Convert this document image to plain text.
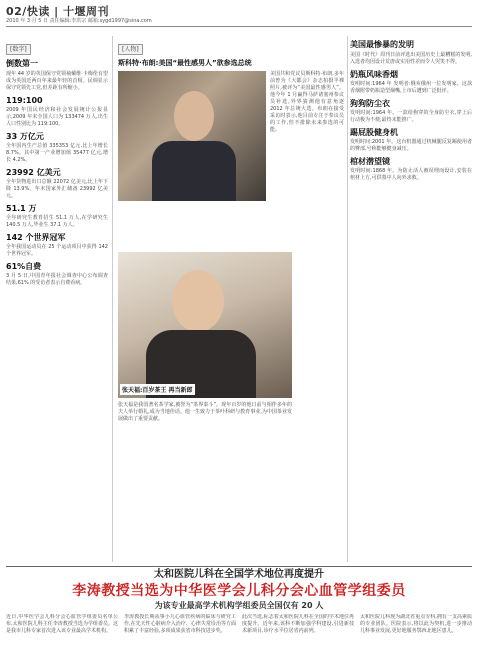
02/快读 | 十堰周刊
2010 年 3 月 5 日 责任编辑:李洪宗 邮箱:sygd1997@sina.com
[数字]
倒数第一

现年 44 岁的英国保守党领袖戴维·卡梅伦有望成为英国近两百年来最年轻的首相。民调显示保守党领先工党,但差距有所缩小。

119:100

2009 年国民经济和社会发展统计公报显示,2009 年末全国人口为 133474 万人,出生人口性别比为 119:100。

33 万亿元

全年国内生产总值 335353 亿元,比上年增长 8.7%。其中第一产业增加值 35477 亿元,增长 4.2%。

23992 亿美元

全年货物进出口总额 22072 亿美元,比上年下降 13.9%。年末国家外汇储备 23992 亿美元。

51.1 万

全年研究生教育招生 51.1 万人,在学研究生 140.5 万人,毕业生 37.1 万人。

142 个世界冠军

全年我国运动员在 25 个运动项目中获得 142 个世界冠军。

61%自费

3 月 5 日,中国青年报社会调查中心公布调查结果,61% 的受访者表示自费看病。

[人物]
斯科特·布朗:美国“最性感男人”欲参选总统

美国共和党议员斯科特·布朗,多年前曾为《大都会》杂志拍摄半裸照片,被评为“美国最性感男人”。他今年 1 月赢得马萨诸塞州参议员补选,外界猜测他有意角逐 2012 年总统大选。布朗在接受采访时表示,他目前专注于参议员的工作,但不排除未来参选的可能。

张天福:百岁茶王 再当新郎

张天福是我国著名茶学家,被誉为“茶界泰斗”。现年百岁的他日前与相伴多年的夫人举行婚礼,成为当地佳话。他一生致力于茶叶科研与教育事业,为中国茶业发展做出了重要贡献。

美国最惨暴的发明

美国《时代》周刊日前评选出美国历史上最糟糕的发明,入选者均因设计荒唐或实用性差而令人哭笑不得。

奶瓶风味香烟

发明时间:1964 年 发明者:俄亥俄州一位发明家。这款香烟附带奶瓶造型烟嘴,上市后遭到广泛批评。

狗狗防尘衣

发明时间:1964 年。一款给狗穿的全身防尘衣,穿上后行动极为不便,最终未能推广。

踢屁股健身机

发明时间:2001 年。这台机器通过机械腿反复踢使用者的臀部,号称能够健身减压。

棺材潜望镜

发明时间:1868 年。为防止活人被误埋而设计,安装在棺材上方,可供墓中人向外求救。

太和医院儿科在全国学术地位再度提升
李涛教授当选为中华医学会儿科分会心血管学组委员
为该专业最高学术机构学组委员全国仅有 20 人

近日,中华医学会儿科分会心血管学组委员名单公布,太和医院儿科主任李涛教授当选为学组委员。这是我市儿科专家首次进入该专业最高学术机构。

李涛教授长期从事小儿心血管疾病的临床与研究工作,在先天性心脏病介入治疗、心律失常诊治等方面积累了丰富经验,多项成果获省市科技进步奖。

此次当选,标志着太和医院儿科在全国的学术地位再度提升。近年来,该科不断加强学科建设,引进新技术新项目,诊疗水平位居省内前列。

太和医院儿科现为湖北省重点专科,拥有一支高素质的专业团队。医院表示,将以此为契机,进一步推动儿科事业发展,更好地服务鄂西北地区患儿。
